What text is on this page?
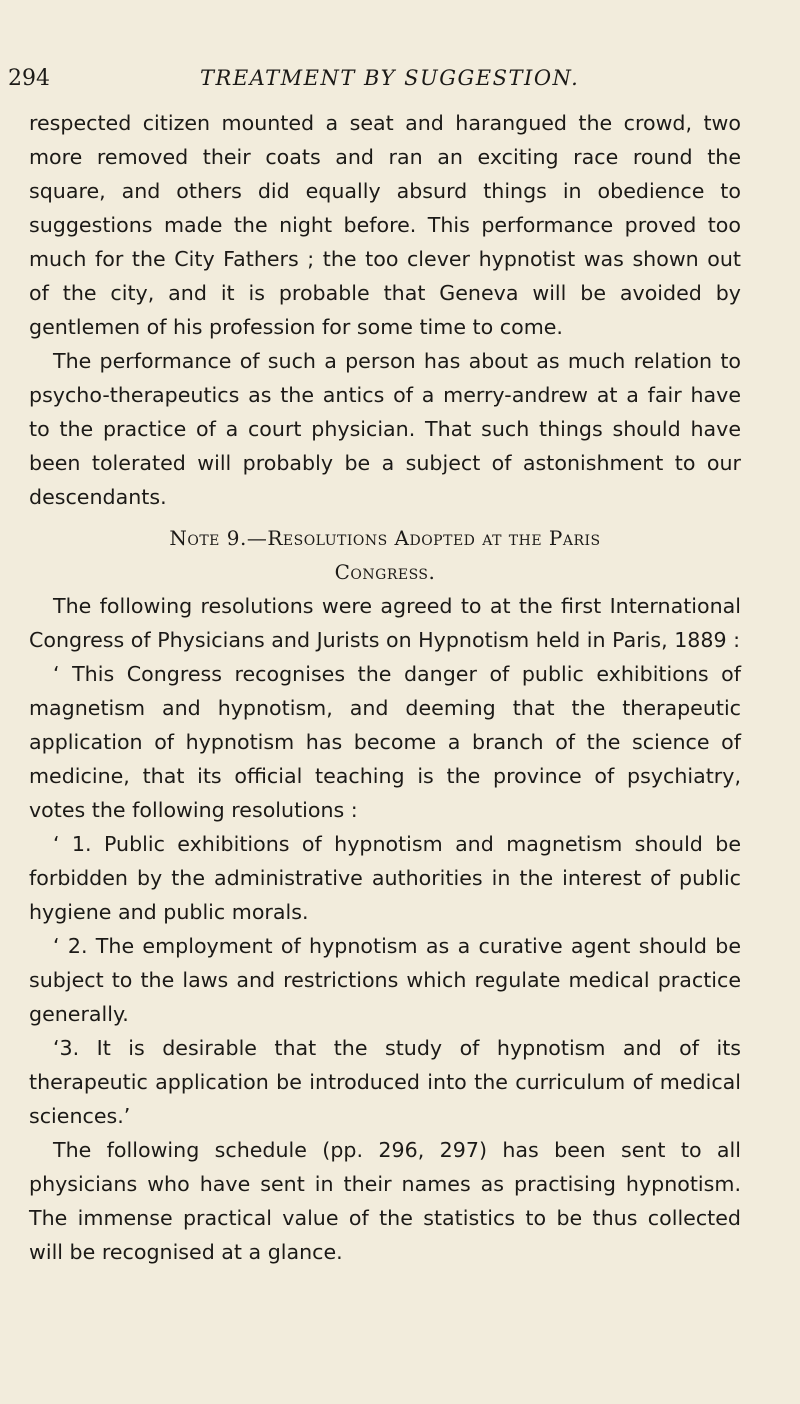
294	TREATMENT BY SUGGESTION.

respected citizen mounted a seat and harangued the crowd, two more removed their coats and ran an exciting race round the square, and others did equally absurd things in obedience to suggestions made the night before. This performance proved too much for the City Fathers ; the too clever hypnotist was shown out of the city, and it is probable that Geneva will be avoided by gentlemen of his profession for some time to come.

The performance of such a person has about as much relation to psycho-therapeutics as the antics of a merry-andrew at a fair have to the practice of a court physician. That such things should have been tolerated will probably be a subject of astonishment to our descendants.

Note 9.—Resolutions Adopted at the Paris
Congress.

The following resolutions were agreed to at the first International Congress of Physicians and Jurists on Hypnotism held in Paris, 1889 :

‘ This Congress recognises the danger of public exhibitions of magnetism and hypnotism, and deeming that the therapeutic application of hypnotism has become a branch of the science of medicine, that its official teaching is the province of psychiatry, votes the following resolutions :

‘ 1. Public exhibitions of hypnotism and magnetism should be forbidden by the administrative authorities in the interest of public hygiene and public morals.

‘ 2. The employment of hypnotism as a curative agent should be subject to the laws and restrictions which regulate medical practice generally.

‘3. It is desirable that the study of hypnotism and of its therapeutic application be introduced into the curriculum of medical sciences.’

The following schedule (pp. 296, 297) has been sent to all physicians who have sent in their names as practising hypnotism. The immense practical value of the statistics to be thus collected will be recognised at a glance.
